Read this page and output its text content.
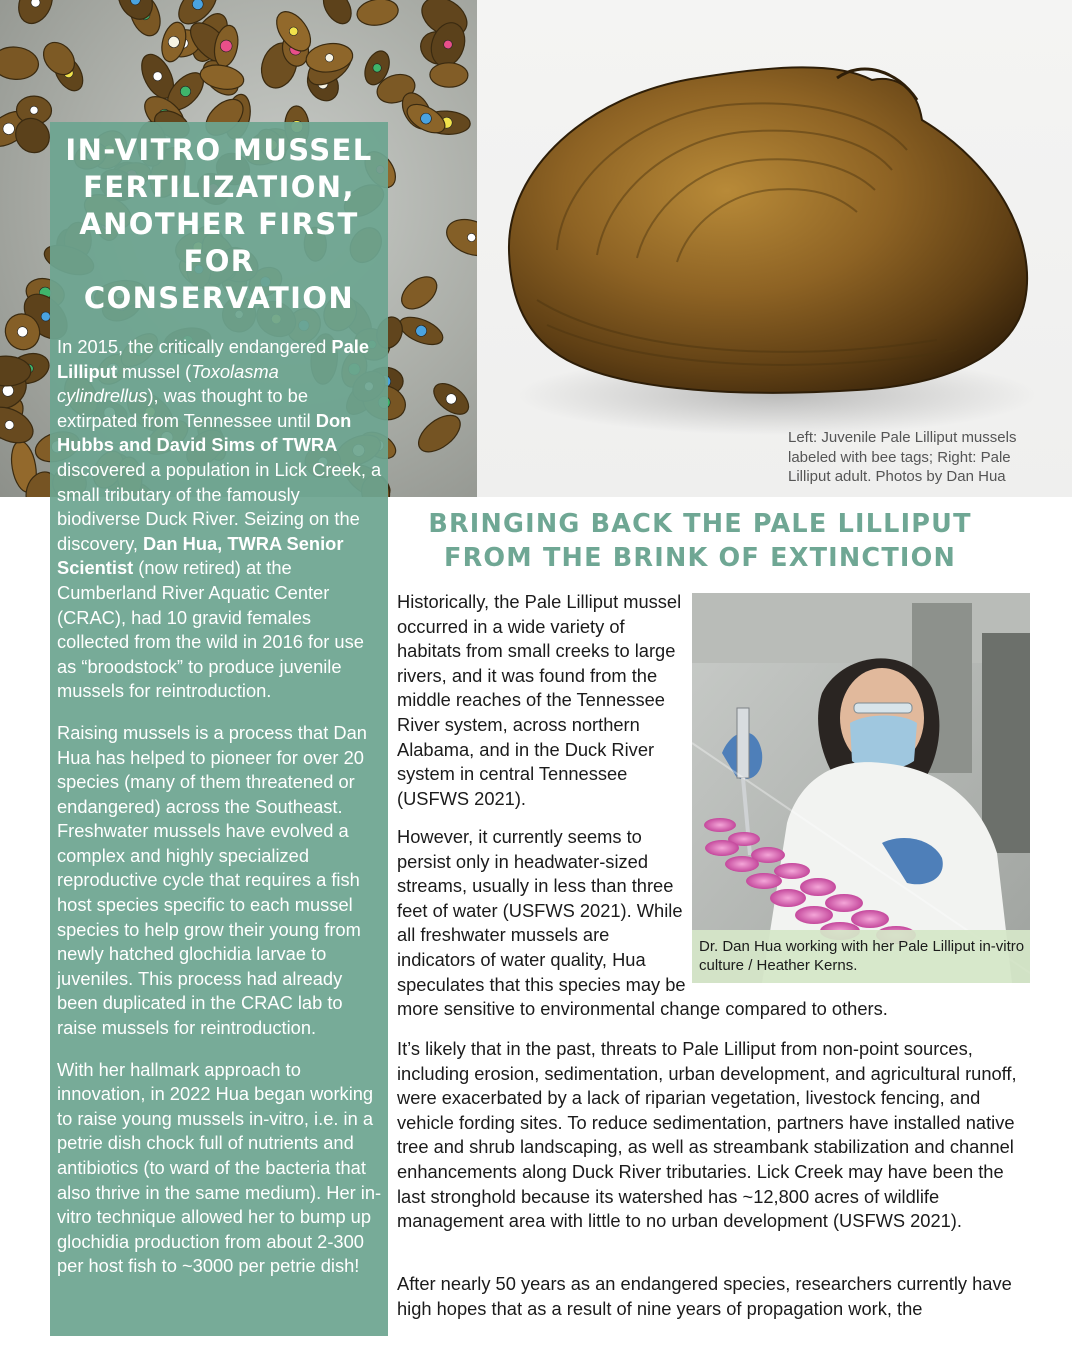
Left: Juvenile Pale Lilliput mussels labeled with bee tags; Right: Pale Lilliput adult. Photos by Dan Hua
IN-VITRO MUSSEL FERTILIZATION, ANOTHER FIRST FOR CONSERVATION

In 2015, the critically endangered Pale Lilliput mussel (Toxolasma cylindrellus), was thought to be extirpated from Tennessee until Don Hubbs and David Sims of TWRA discovered a population in Lick Creek, a small tributary of the famously biodiverse Duck River. Seizing on the discovery, Dan Hua, TWRA Senior Scientist (now retired) at the Cumberland River Aquatic Center (CRAC), had 10 gravid females collected from the wild in 2016 for use as “broodstock” to produce juvenile mussels for reintroduction.

Raising mussels is a process that Dan Hua has helped to pioneer for over 20 species (many of them threatened or endangered) across the Southeast. Freshwater mussels have evolved a complex and highly specialized reproductive cycle that requires a fish host species specific to each mussel species to help grow their young from newly hatched glochidia larvae to juveniles. This process had already been duplicated in the CRAC lab to raise mussels for reintroduction.

With her hallmark approach to innovation, in 2022 Hua began working to raise young mussels in-vitro, i.e. in a petrie dish chock full of nutrients and antibiotics (to ward of the bacteria that also thrive in the same medium). Her in-vitro technique allowed her to bump up glochidia production from about 2-300 per host fish to ~3000 per petrie dish!

BRINGING BACK THE PALE LILLIPUT FROM THE BRINK OF EXTINCTION

Historically, the Pale Lilliput mussel occurred in a wide variety of habitats from small creeks to large rivers, and it was found from the middle reaches of the Tennessee River system, across northern Alabama, and in the Duck River system in central Tennessee (USFWS 2021).

However, it currently seems to persist only in headwater-sized streams, usually in less than three feet of water (USFWS 2021). While all freshwater mussels are indicators of water quality, Hua speculates that this species may be

more sensitive to environmental change compared to others.

It’s likely that in the past, threats to Pale Lilliput from non-point sources, including erosion, sedimentation, urban development, and agricultural runoff, were exacerbated by a lack of riparian vegetation, livestock fencing, and vehicle fording sites. To reduce sedimentation, partners have installed native tree and shrub landscaping, as well as streambank stabilization and channel enhancements along Duck River tributaries. Lick Creek may have been the last stronghold because its watershed has ~12,800 acres of wildlife management area with little to no urban development (USFWS 2021).

After nearly 50 years as an endangered species, researchers currently have high hopes that as a result of nine years of propagation work, the

Dr. Dan Hua working with her Pale Lilliput in-vitro culture / Heather Kerns.
